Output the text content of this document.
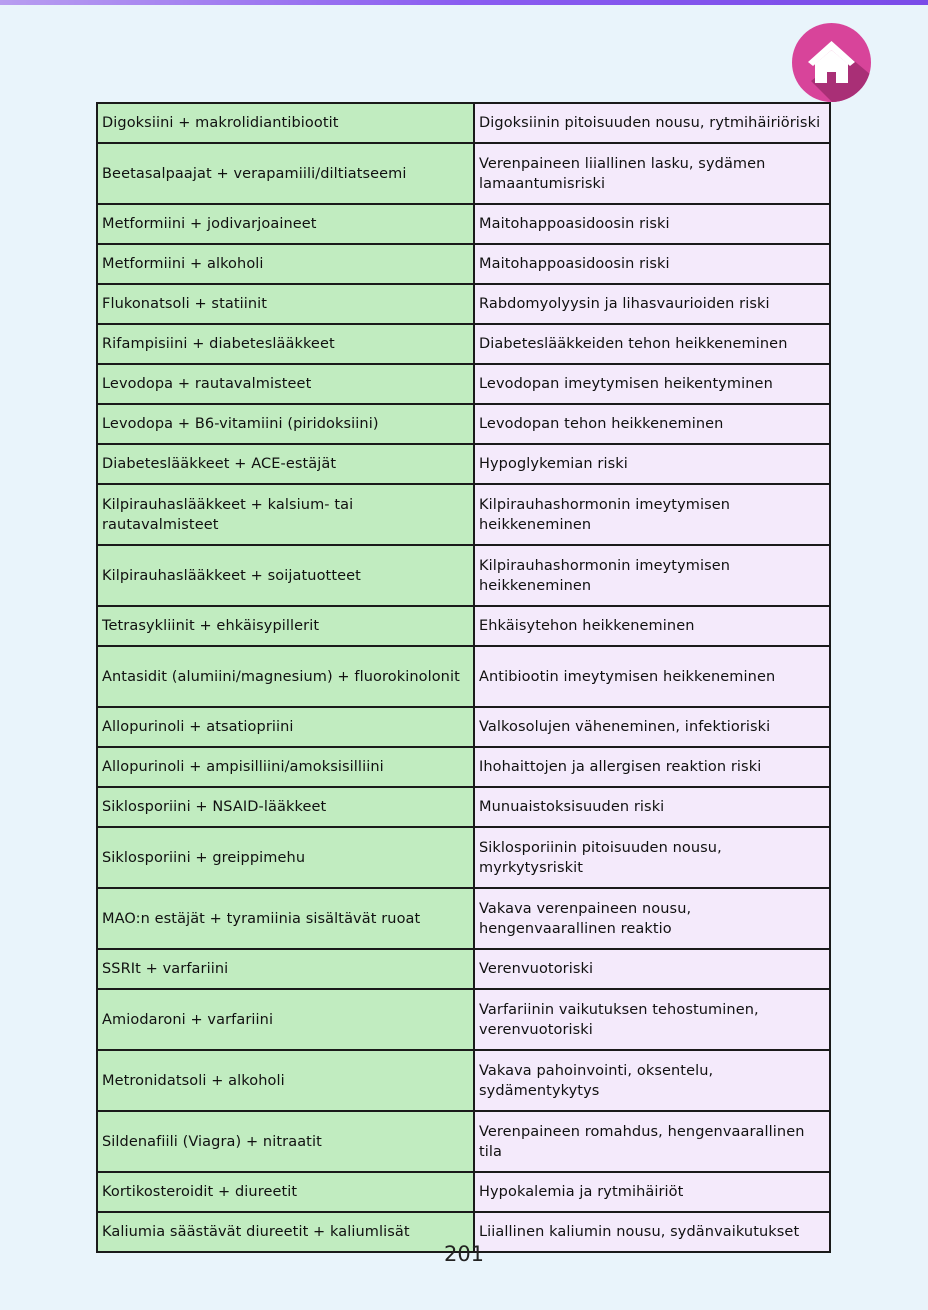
Digoksiini + makrolidiantibiootit	Digoksiinin pitoisuuden nousu, rytmihäiriöriski
Beetasalpaajat + verapamiili/diltiatseemi	Verenpaineen liiallinen lasku, sydämen lamaantumisriski
Metformiini + jodivarjoaineet	Maitohappoasidoosin riski
Metformiini + alkoholi	Maitohappoasidoosin riski
Flukonatsoli + statiinit	Rabdomyolyysin ja lihasvaurioiden riski
Rifampisiini + diabeteslääkkeet	Diabeteslääkkeiden tehon heikkeneminen
Levodopa + rautavalmisteet	Levodopan imeytymisen heikentyminen
Levodopa + B6-vitamiini (piridoksiini)	Levodopan tehon heikkeneminen
Diabeteslääkkeet + ACE-estäjät	Hypoglykemian riski
Kilpirauhaslääkkeet + kalsium- tai rautavalmisteet	Kilpirauhashormonin imeytymisen heikkeneminen
Kilpirauhaslääkkeet + soijatuotteet	Kilpirauhashormonin imeytymisen heikkeneminen
Tetrasykliinit + ehkäisypillerit	Ehkäisytehon heikkeneminen
Antasidit (alumiini/magnesium) + fluorokinolonit	Antibiootin imeytymisen heikkeneminen
Allopurinoli + atsatiopriini	Valkosolujen väheneminen, infektioriski
Allopurinoli + ampisilliini/amoksisilliini	Ihohaittojen ja allergisen reaktion riski
Siklosporiini + NSAID-lääkkeet	Munuaistoksisuuden riski
Siklosporiini + greippimehu	Siklosporiinin pitoisuuden nousu, myrkytysriskit
MAO:n estäjät + tyramiinia sisältävät ruoat	Vakava verenpaineen nousu, hengenvaarallinen reaktio
SSRIt + varfariini	Verenvuotoriski
Amiodaroni + varfariini	Varfariinin vaikutuksen tehostuminen, verenvuotoriski
Metronidatsoli + alkoholi	Vakava pahoinvointi, oksentelu, sydämentykytys
Sildenafiili (Viagra) + nitraatit	Verenpaineen romahdus, hengenvaarallinen tila
Kortikosteroidit + diureetit	Hypokalemia ja rytmihäiriöt
Kaliumia säästävät diureetit + kaliumlisät	Liiallinen kaliumin nousu, sydänvaikutukset
201
